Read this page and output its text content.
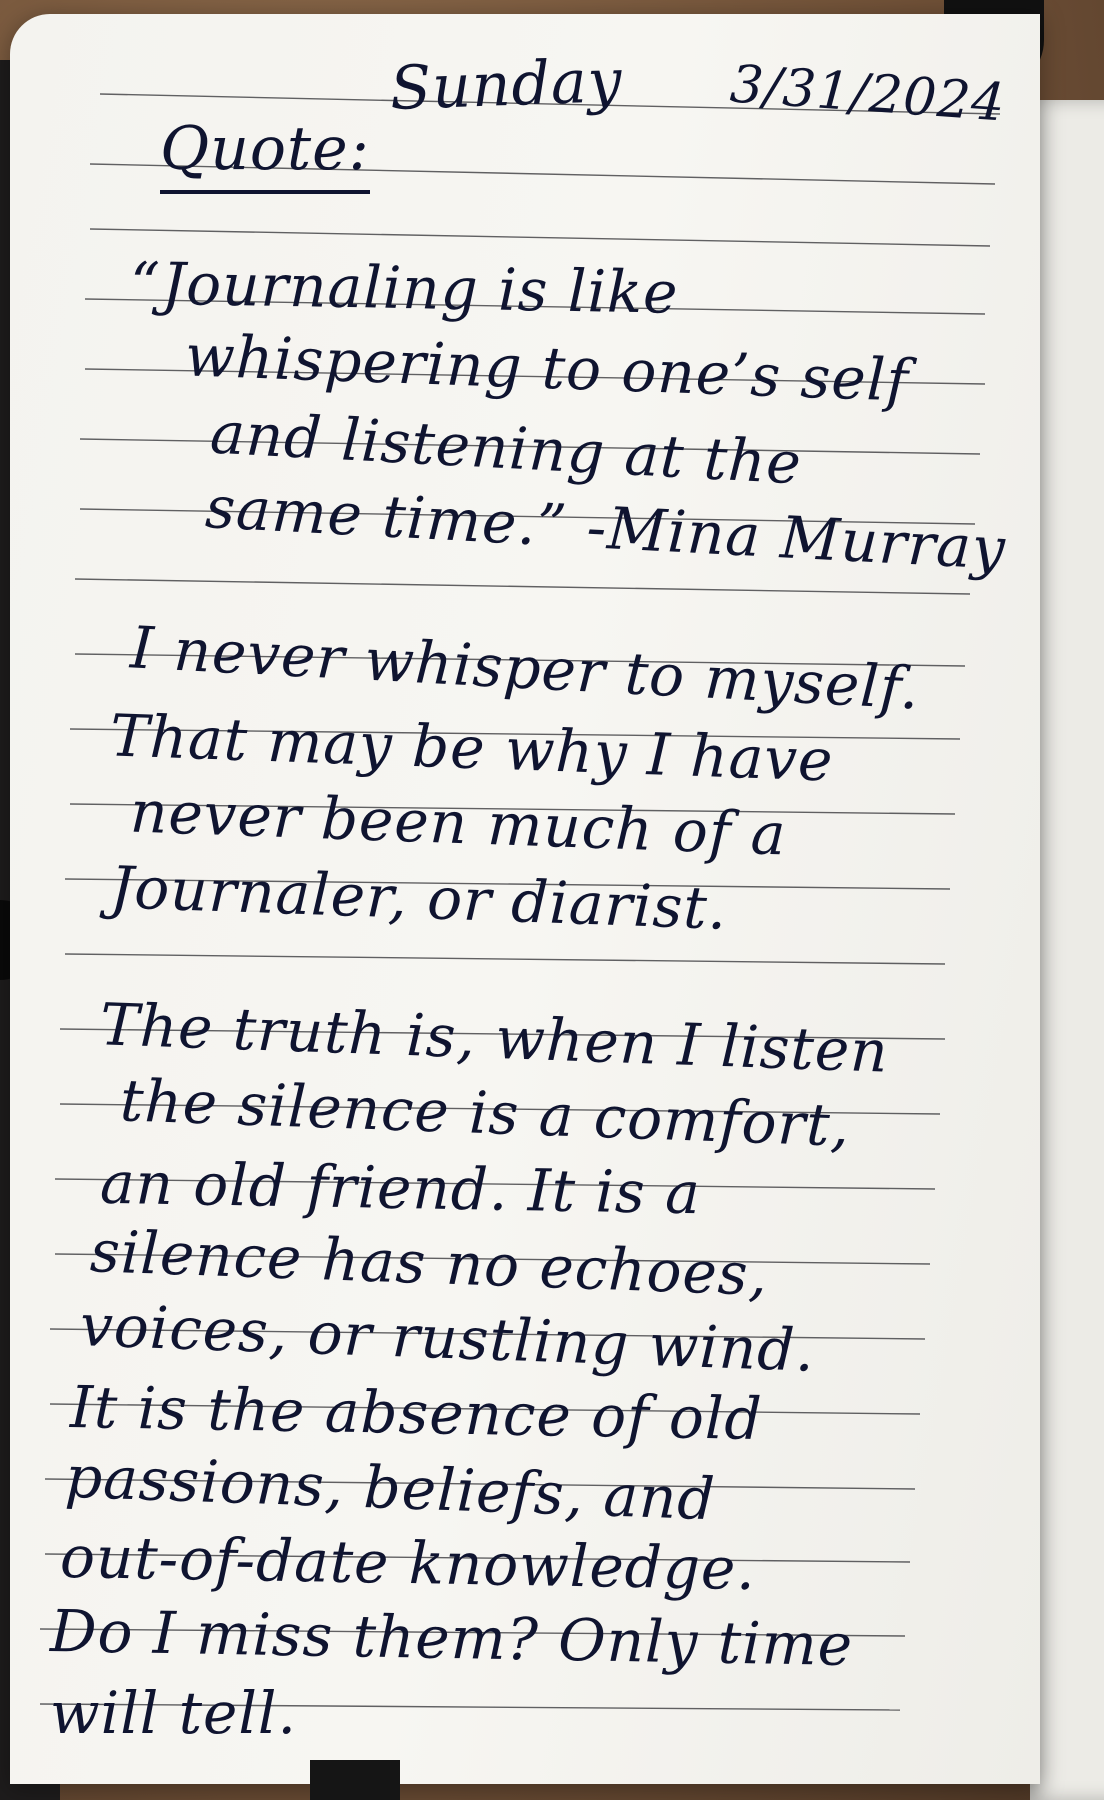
Sunday 3/31/2024
Quote:
“Journaling is like
whispering to one’s self
and listening at the
same time.” -Mina Murray
I never whisper to myself.
That may be why I have
never been much of a
Journaler, or diarist.
The truth is, when I listen
the silence is a comfort,
an old friend. It is a
silence has no echoes,
voices, or rustling wind.
It is the absence of old
passions, beliefs, and
out-of-date knowledge.
Do I miss them? Only time
will tell.
